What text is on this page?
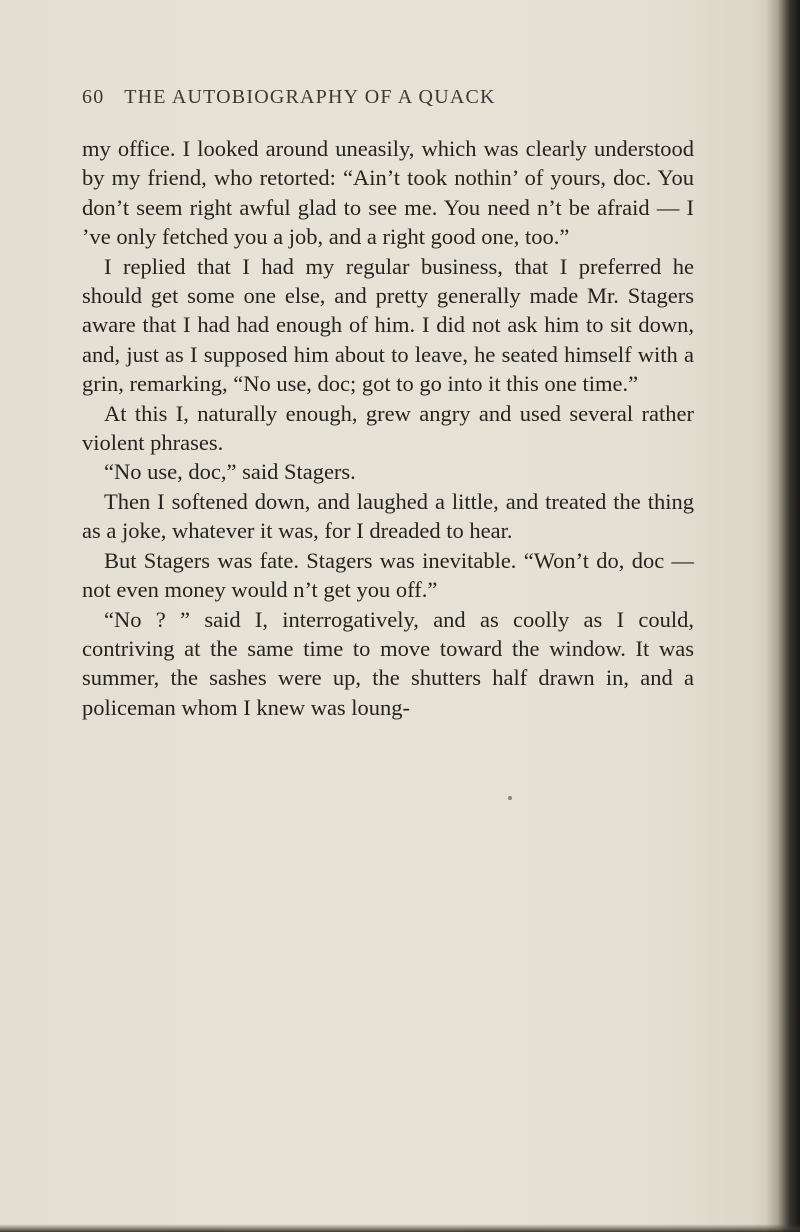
60 THE AUTOBIOGRAPHY OF A QUACK

my office. I looked around uneasily, which was clearly understood by my friend, who retorted: “Ain’t took nothin’ of yours, doc. You don’t seem right awful glad to see me. You need n’t be afraid — I ’ve only fetched you a job, and a right good one, too.”

I replied that I had my regular business, that I preferred he should get some one else, and pretty generally made Mr. Stagers aware that I had had enough of him. I did not ask him to sit down, and, just as I supposed him about to leave, he seated himself with a grin, remarking, “No use, doc; got to go into it this one time.”

At this I, naturally enough, grew angry and used several rather violent phrases.

“No use, doc,” said Stagers.

Then I softened down, and laughed a little, and treated the thing as a joke, whatever it was, for I dreaded to hear.

But Stagers was fate. Stagers was inevitable. “Won’t do, doc — not even money would n’t get you off.”

“No ? ” said I, interrogatively, and as coolly as I could, contriving at the same time to move toward the window. It was summer, the sashes were up, the shutters half drawn in, and a policeman whom I knew was loung-
